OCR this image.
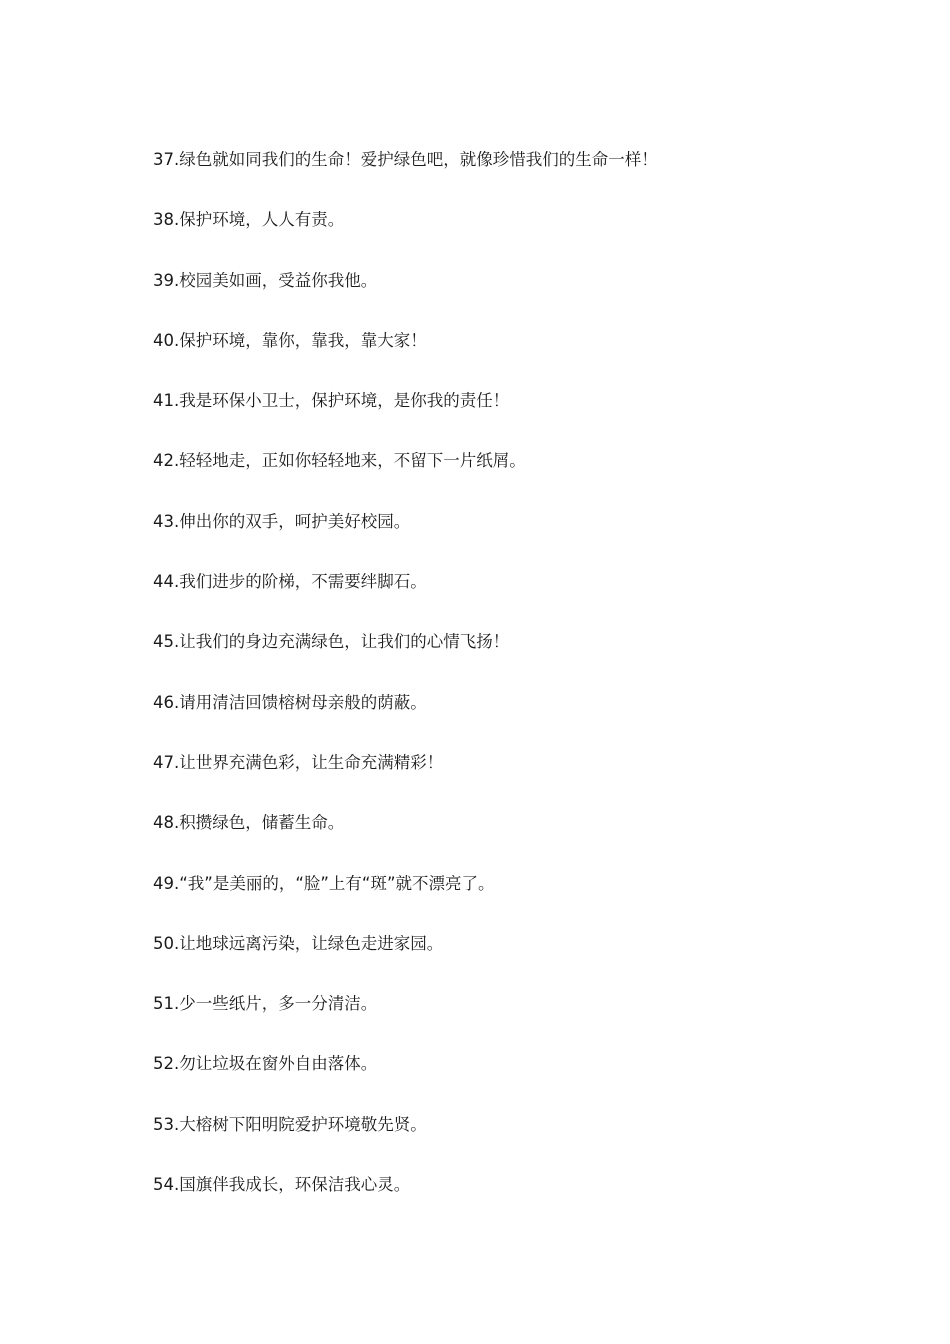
37.绿色就如同我们的生命！爱护绿色吧，就像珍惜我们的生命一样！
38.保护环境，人人有责。
39.校园美如画，受益你我他。
40.保护环境，靠你，靠我，靠大家！
41.我是环保小卫士，保护环境，是你我的责任！
42.轻轻地走，正如你轻轻地来，不留下一片纸屑。
43.伸出你的双手，呵护美好校园。
44.我们进步的阶梯，不需要绊脚石。
45.让我们的身边充满绿色，让我们的心情飞扬！
46.请用清洁回馈榕树母亲般的荫蔽。
47.让世界充满色彩，让生命充满精彩！
48.积攒绿色，储蓄生命。
49.“我”是美丽的，“脸”上有“斑”就不漂亮了。
50.让地球远离污染，让绿色走进家园。
51.少一些纸片，多一分清洁。
52.勿让垃圾在窗外自由落体。
53.大榕树下阳明院爱护环境敬先贤。
54.国旗伴我成长，环保洁我心灵。
